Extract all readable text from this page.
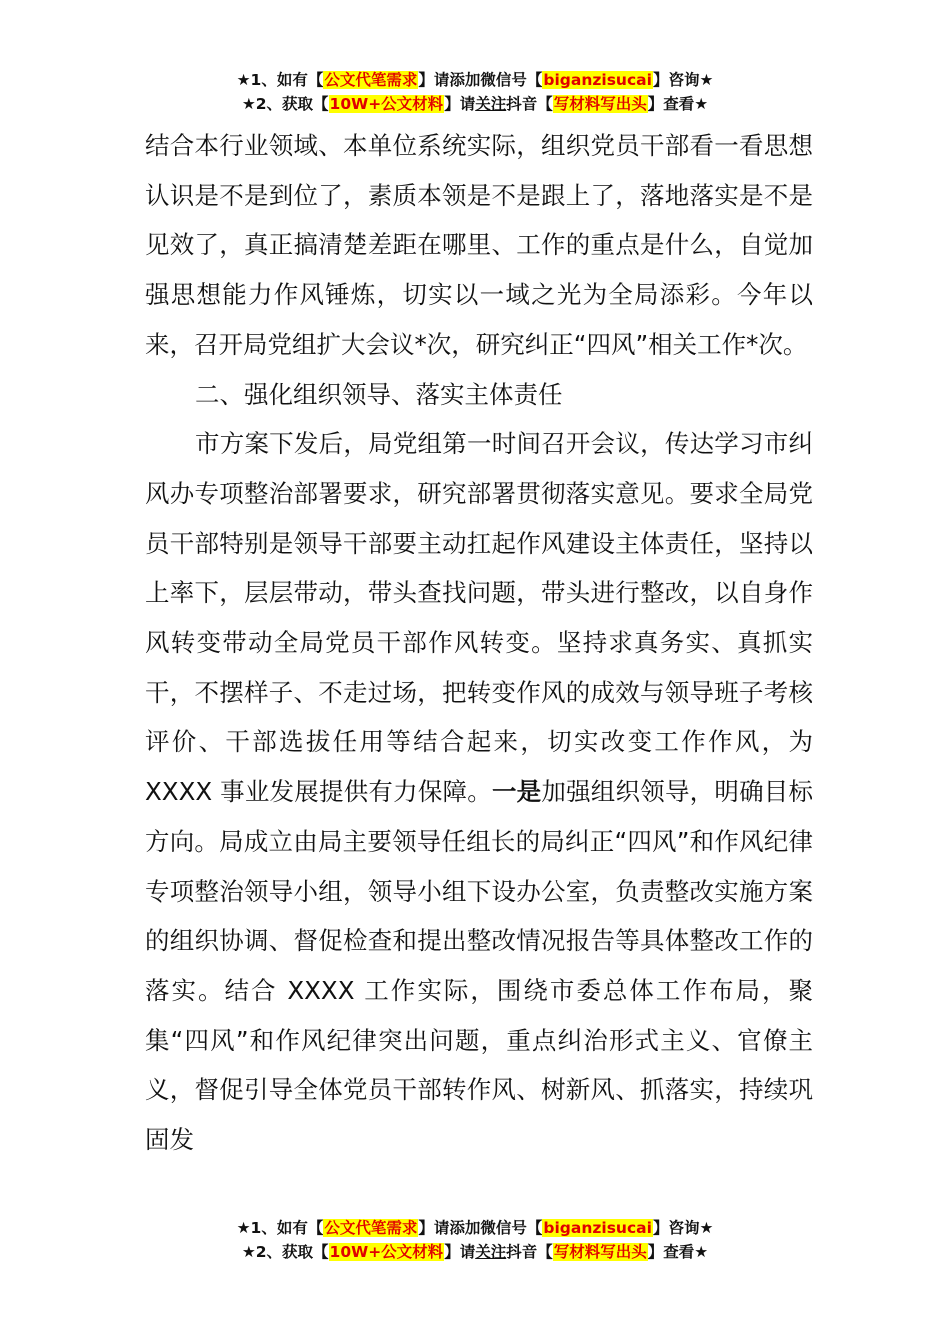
★1、如有【公文代笔需求】请添加微信号【biganzisucai】咨询★
★2、获取【10W+公文材料】请关注抖音【写材料写出头】查看★

结合本行业领域、本单位系统实际，组织党员干部看一看思想认识是不是到位了，素质本领是不是跟上了，落地落实是不是见效了，真正搞清楚差距在哪里、工作的重点是什么，自觉加强思想能力作风锤炼，切实以一域之光为全局添彩。今年以来，召开局党组扩大会议*次，研究纠正“四风”相关工作*次。

二、强化组织领导、落实主体责任

市方案下发后，局党组第一时间召开会议，传达学习市纠风办专项整治部署要求，研究部署贯彻落实意见。要求全局党员干部特别是领导干部要主动扛起作风建设主体责任，坚持以上率下，层层带动，带头查找问题，带头进行整改，以自身作风转变带动全局党员干部作风转变。坚持求真务实、真抓实干，不摆样子、不走过场，把转变作风的成效与领导班子考核评价、干部选拔任用等结合起来，切实改变工作作风，为 XXXX 事业发展提供有力保障。一是加强组织领导，明确目标方向。局成立由局主要领导任组长的局纠正“四风”和作风纪律专项整治领导小组，领导小组下设办公室，负责整改实施方案的组织协调、督促检查和提出整改情况报告等具体整改工作的落实。结合 XXXX 工作实际，围绕市委总体工作布局，聚集“四风”和作风纪律突出问题，重点纠治形式主义、官僚主义，督促引导全体党员干部转作风、树新风、抓落实，持续巩固发

★1、如有【公文代笔需求】请添加微信号【biganzisucai】咨询★
★2、获取【10W+公文材料】请关注抖音【写材料写出头】查看★
